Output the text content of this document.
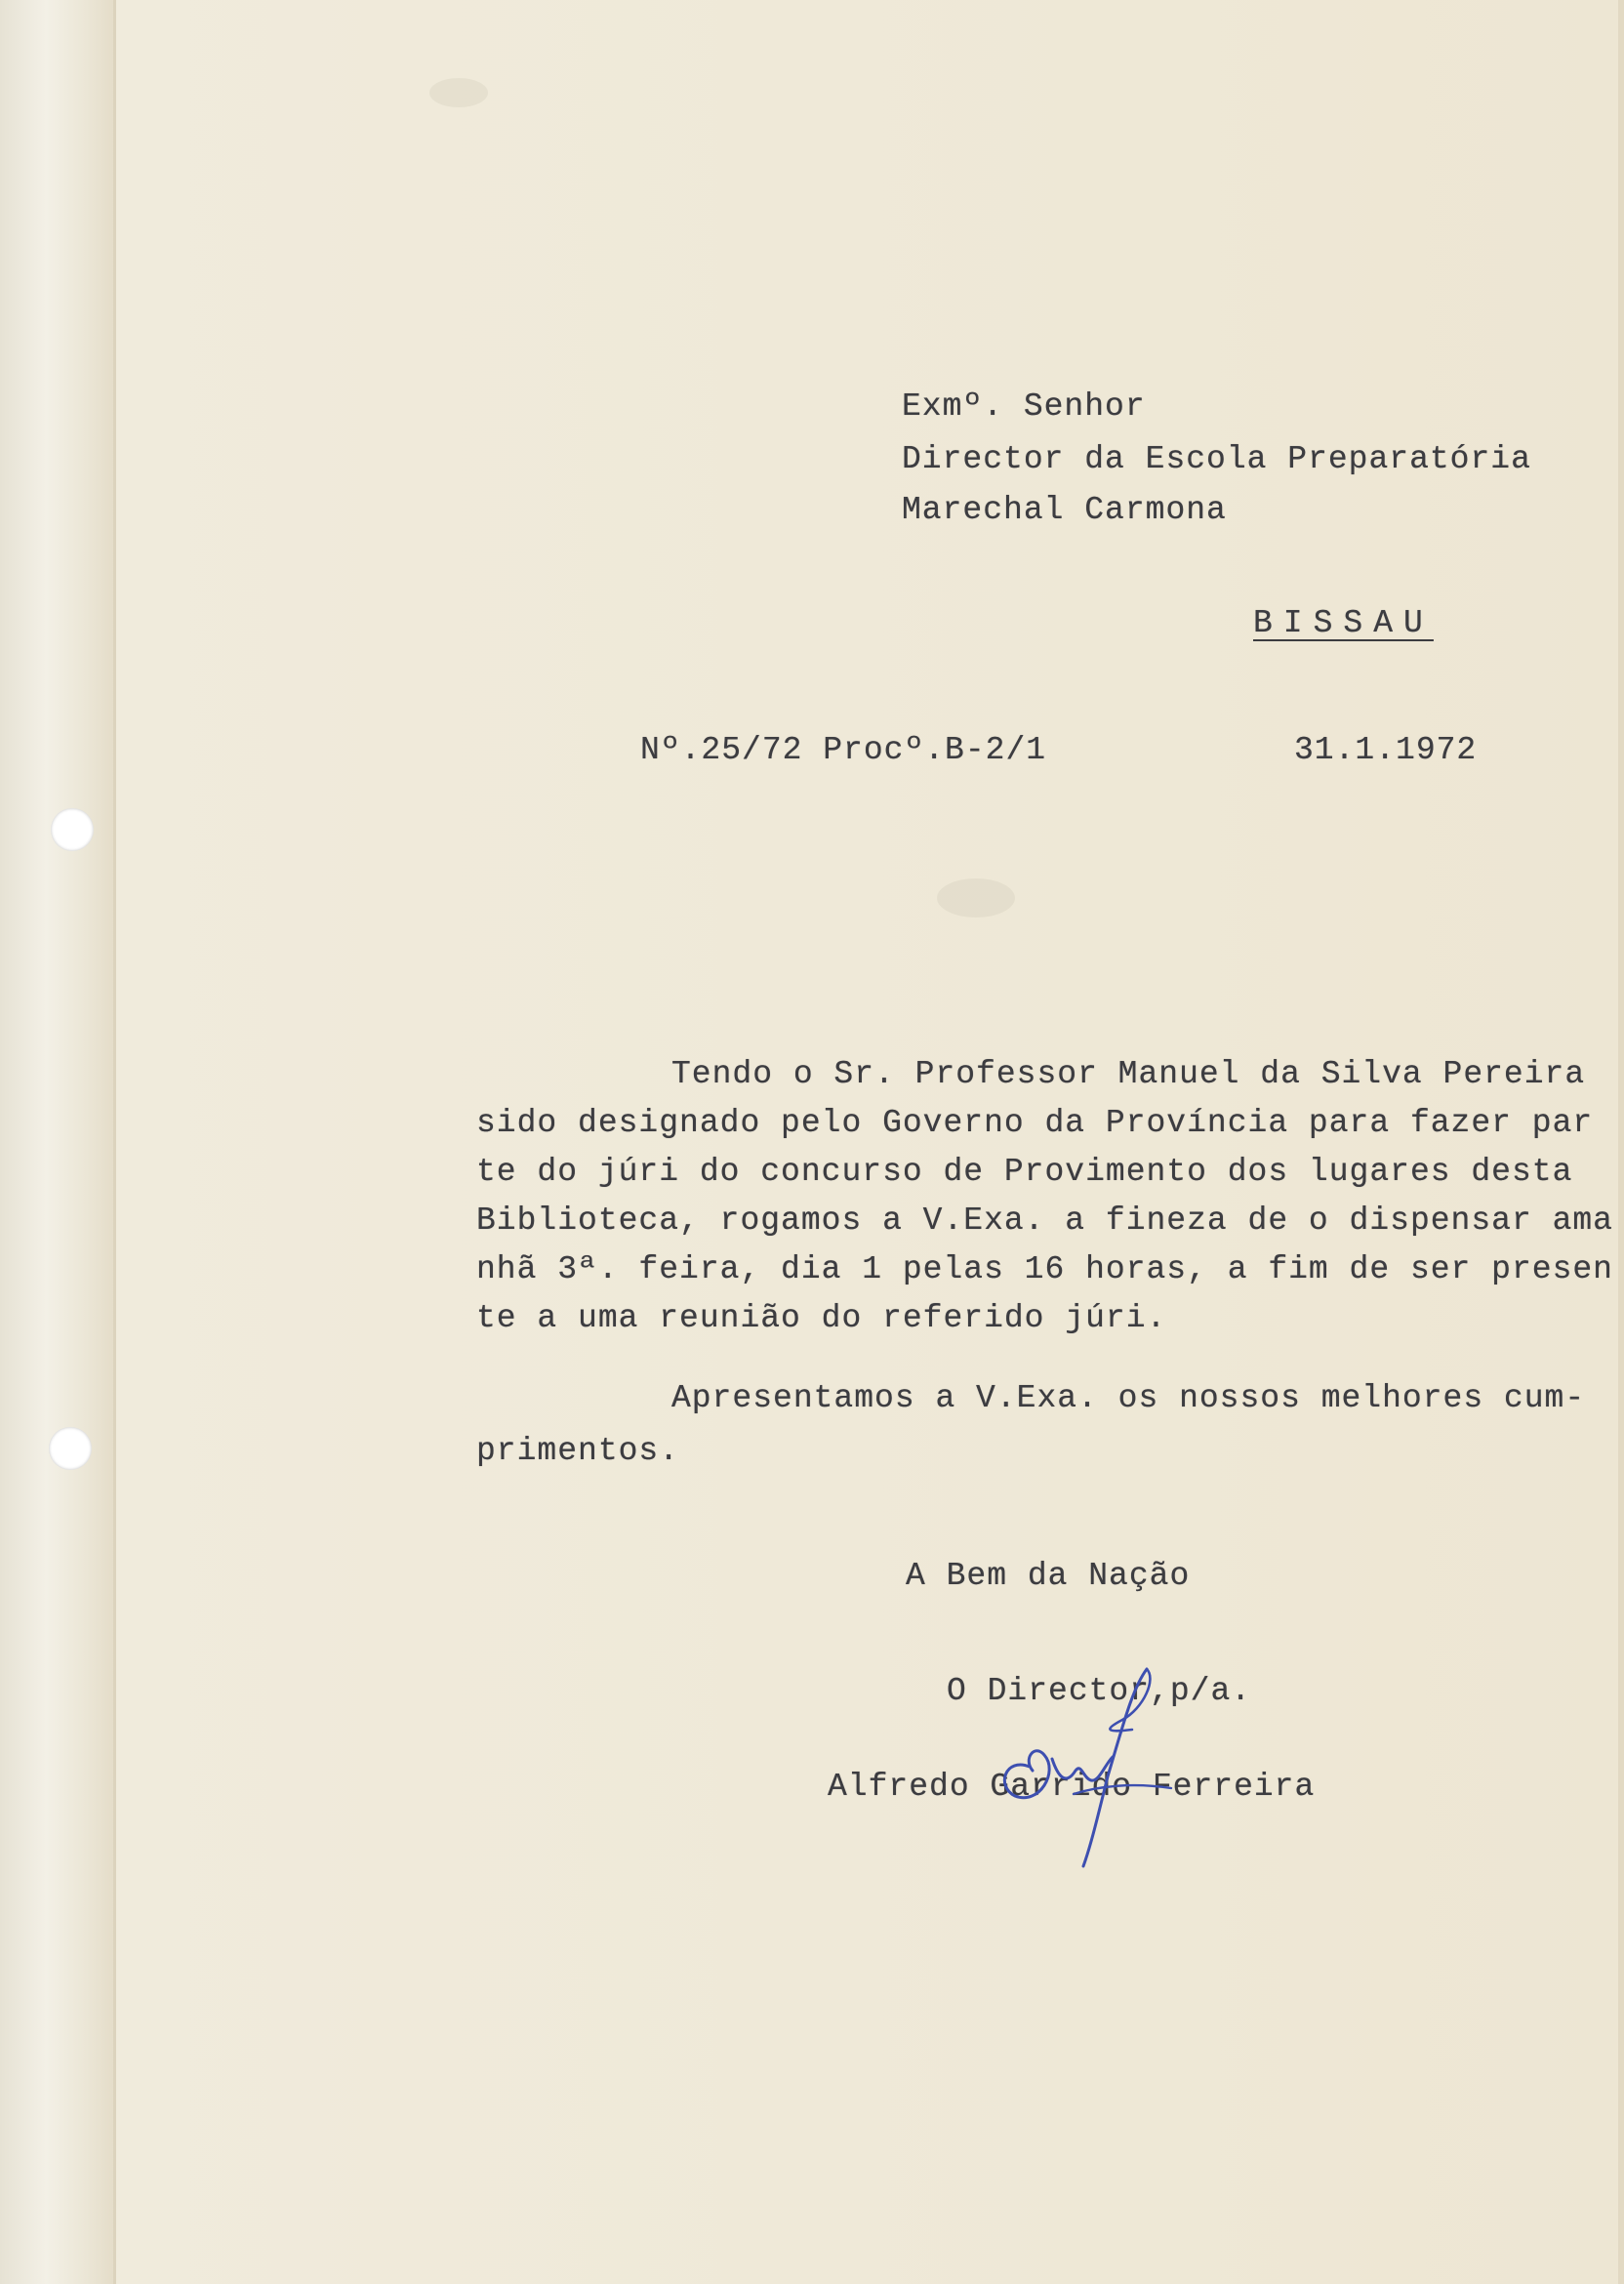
Exmº. Senhor
Director da Escola Preparatória
Marechal Carmona
BISSAU
Nº.25/72 Procº.B-2/1	31.1.1972
Tendo o Sr. Professor Manuel da Silva Pereira
sido designado pelo Governo da Província para fazer par
te do júri do concurso de Provimento dos lugares desta
Biblioteca, rogamos a V.Exa. a fineza de o dispensar ama
nhã 3ª. feira, dia 1 pelas 16 horas, a fim de ser presen
te a uma reunião do referido júri.
Apresentamos a V.Exa. os nossos melhores cum-
primentos.
A Bem da Nação
O Director,p/a.
Alfredo Garrido Ferreira
